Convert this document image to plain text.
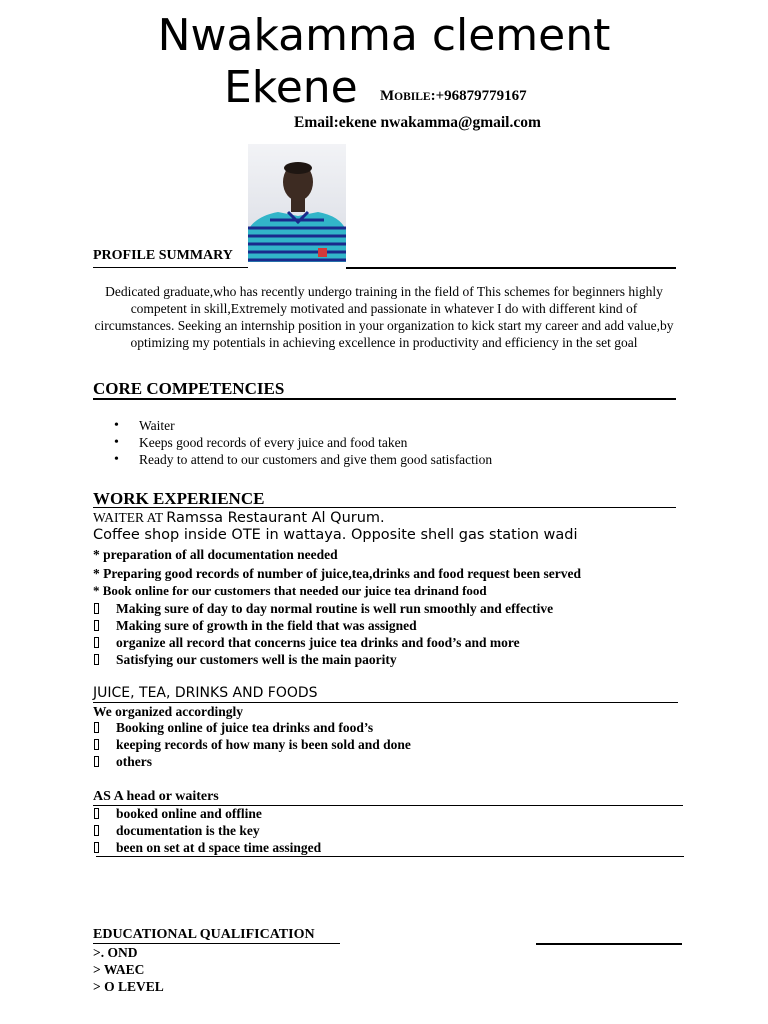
Nwakamma clement
Ekene MOBILE:+96879779167
Email:ekene nwakamma@gmail.com
PROFILE SUMMARY
Dedicated graduate,who has recently undergo training in the field of This schemes for beginners highly competent in skill,Extremely motivated and passionate in whatever I do with different kind of circumstances. Seeking an internship position in your organization to kick start my career and add value,by optimizing my potentials in achieving excellence in productivity and efficiency in the set goal
CORE COMPETENCIES
• Waiter
• Keeps good records of every juice and food taken
• Ready to attend to our customers and give them good satisfaction
WORK EXPERIENCE
WAITER AT Ramssa Restaurant Al Qurum.
Coffee shop inside OTE in wattaya. Opposite shell gas station wadi
* preparation of all documentation needed
* Preparing good records of number of juice,tea,drinks and food request been served
* Book online for our customers that needed our juice tea drinand food
Making sure of day to day normal routine is well run smoothly and effective
Making sure of growth in the field that was assigned
organize all record that concerns juice tea drinks and food’s and more
Satisfying our customers well is the main paority
JUICE, TEA, DRINKS AND FOODS
We organized accordingly
Booking online of juice tea drinks and food’s
keeping records of how many is been sold and done
others
AS A head or waiters
booked online and offline
documentation is the key
been on set at d space time assinged
EDUCATIONAL QUALIFICATION
>. OND
> WAEC
> O LEVEL
